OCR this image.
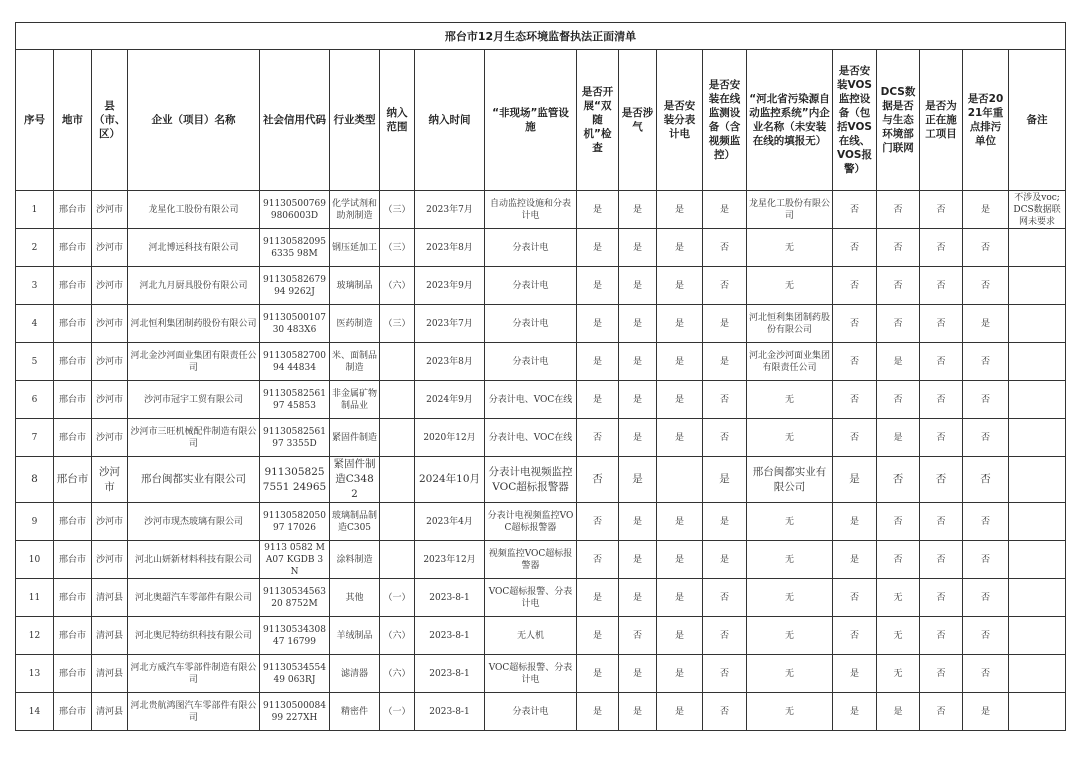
邢台市12月生态环境监督执法正面清单																		
序号	地市	县（市、区）	企业（项目）名称	社会信用代码	行业类型	纳入范围	纳入时间	“非现场”监管设施	是否开展“双随机”检查	是否涉气	是否安装分表计电	是否安装在线监测设备（含视频监控）	“河北省污染源自动监控系统”内企业名称（未安装在线的填报无）	是否安装VOS监控设备（包括VOS在线、VOS报警）	DCS数据是否与生态环境部门联网	是否为正在施工项目	是否2021年重点排污单位	备注
1	邢台市	沙河市	龙星化工股份有限公司	911305007699806003D	化学试剂和助剂制造	（三）	2023年7月	自动监控设施和分表计电	是	是	是	是	龙星化工股份有限公司	否	否	否	是	不涉及voc;DCS数据联网未要求
2	邢台市	沙河市	河北博远科技有限公司	911305820956335 98M	钢压延加工	（三）	2023年8月	分表计电	是	是	是	否	无	否	否	否	否	
3	邢台市	沙河市	河北九月厨具股份有限公司	9113058267994 9262J	玻璃制品	（六）	2023年9月	分表计电	是	是	是	否	无	否	否	否	否	
4	邢台市	沙河市	河北恒利集团制药股份有限公司	9113050010730 483X6	医药制造	（三）	2023年7月	分表计电	是	是	是	是	河北恒利集团制药股份有限公司	否	否	否	是	
5	邢台市	沙河市	河北金沙河面业集团有限责任公司	9113058270094 44834	米、面制品制造		2023年8月	分表计电	是	是	是	是	河北金沙河面业集团有限责任公司	否	是	否	否	
6	邢台市	沙河市	沙河市冠宇工贸有限公司	9113058256197 45853	非金属矿物制品业		2024年9月	分表计电、VOC在线	是	是	是	否	无	否	否	否	否	
7	邢台市	沙河市	沙河市三旺机械配件制造有限公司	9113058256197 3355D	紧固件制造		2020年12月	分表计电、VOC在线	否	是	是	否	无	否	是	否	否	
8	邢台市	沙河市	邢台闽都实业有限公司	9113058257551 24965	紧固件制造C3482		2024年10月	分表计电视频监控VOC超标报警器	否	是		是	邢台闽都实业有限公司	是	否	否	否	
9	邢台市	沙河市	沙河市现杰玻璃有限公司	9113058205097 17026	玻璃制品制造C305		2023年4月	分表计电视频监控VOC超标报警器	否	是	是	是	无	是	否	否	否	
10	邢台市	沙河市	河北山妍新材料科技有限公司	9113 0582 MA07 KGDB 3N	涂料制造		2023年12月	视频监控VOC超标报警器	否	是	是	是	无	是	否	否	否	
11	邢台市	清河县	河北奥韶汽车零部件有限公司	9113053456320 8752M	其他	（一）	2023-8-1	VOC超标报警、分表计电	是	是	是	否	无	否	无	否	否	
12	邢台市	清河县	河北奥尼特纺织科技有限公司	9113053430847 16799	羊绒制品	（六）	2023-8-1	无人机	是	否	是	否	无	否	无	否	否	
13	邢台市	清河县	河北方威汽车零部件制造有限公司	9113053455449 063RJ	滤清器	（六）	2023-8-1	VOC超标报警、分表计电	是	是	是	否	无	是	无	否	否	
14	邢台市	清河县	河北贵航鸿图汽车零部件有限公司	9113050008499 227XH	精密件	（一）	2023-8-1	分表计电	是	是	是	否	无	是	是	否	是	
